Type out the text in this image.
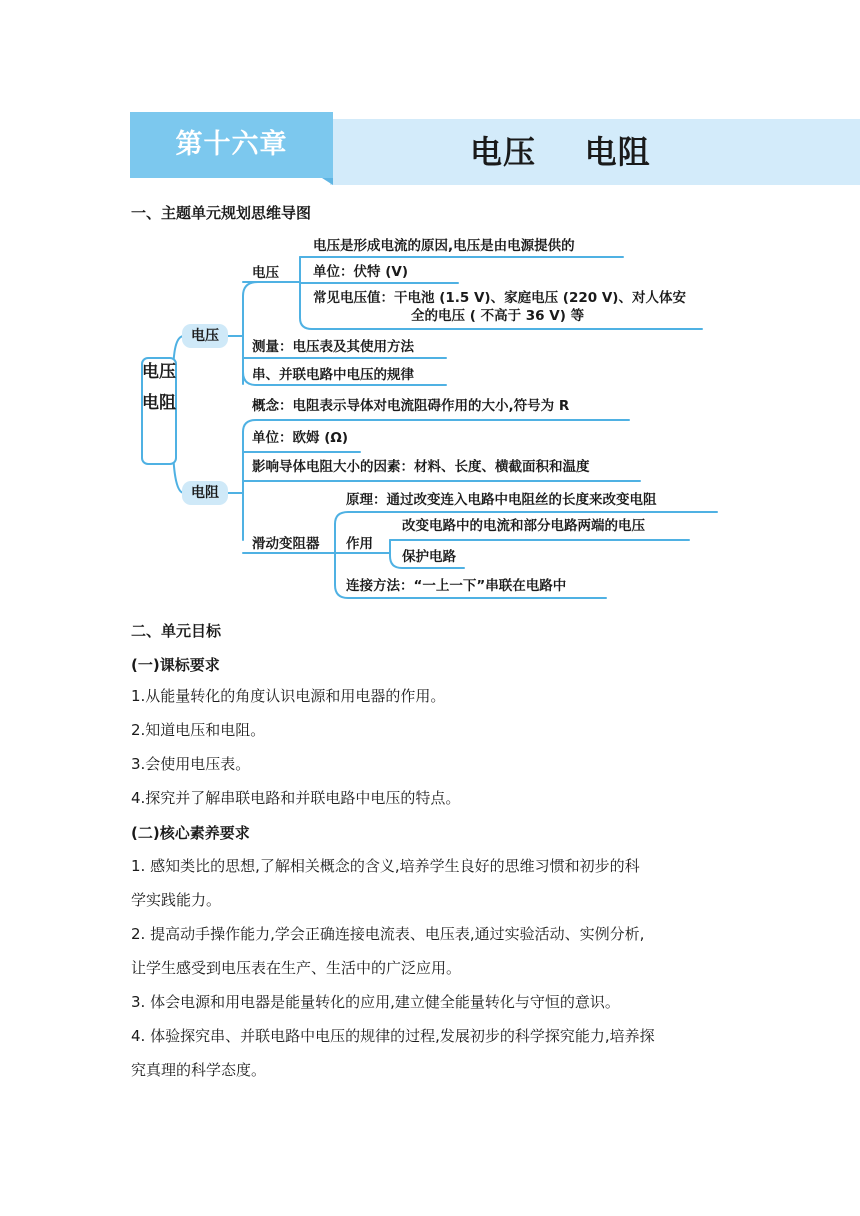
第十六章	电压    电阻
一、主题单元规划思维导图
电压
电阻
电压
电阻
电压
电压是形成电流的原因,电压是由电源提供的
单位：伏特 (V)
常见电压值：干电池 (1.5 V)、家庭电压 (220 V)、对人体安
全的电压 ( 不高于 36 V) 等
测量：电压表及其使用方法
串、并联电路中电压的规律
概念：电阻表示导体对电流阻碍作用的大小,符号为 R
单位：欧姆 (Ω)
影响导体电阻大小的因素：材料、长度、横截面积和温度
滑动变阻器
原理：通过改变连入电路中电阻丝的长度来改变电阻
作用
改变电路中的电流和部分电路两端的电压
保护电路
连接方法：“一上一下”串联在电路中
二、单元目标
(一)课标要求
1.从能量转化的角度认识电源和用电器的作用。
2.知道电压和电阻。
3.会使用电压表。
4.探究并了解串联电路和并联电路中电压的特点。
(二)核心素养要求
1. 感知类比的思想,了解相关概念的含义,培养学生良好的思维习惯和初步的科
学实践能力。
2. 提高动手操作能力,学会正确连接电流表、电压表,通过实验活动、实例分析,
让学生感受到电压表在生产、生活中的广泛应用。
3. 体会电源和用电器是能量转化的应用,建立健全能量转化与守恒的意识。
4. 体验探究串、并联电路中电压的规律的过程,发展初步的科学探究能力,培养探
究真理的科学态度。
